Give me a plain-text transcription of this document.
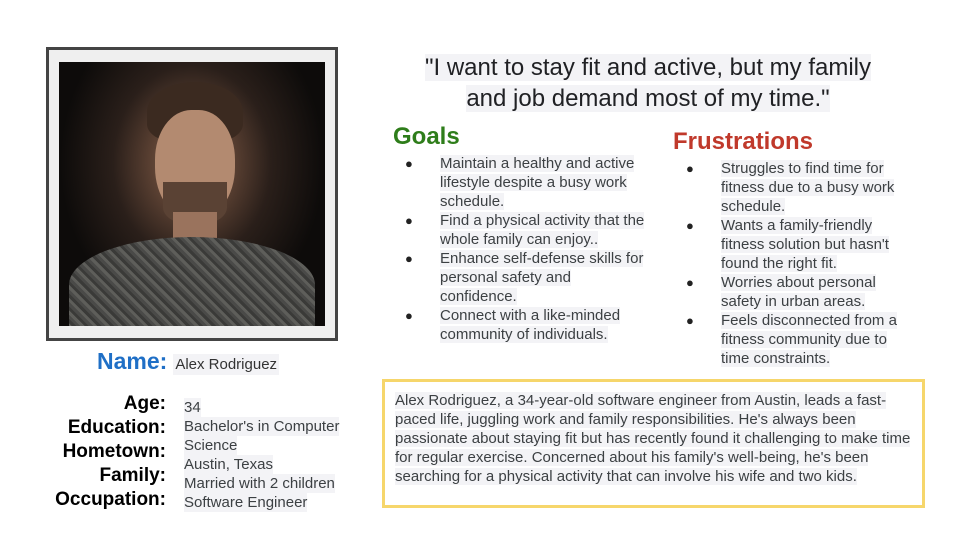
Name: Alex Rodriguez
Age:
Education:
Hometown:
Family:
Occupation:
34
Bachelor's in Computer
Science
Austin, Texas
Married with 2 children
Software Engineer
"I want to stay fit and active, but my family
and job demand most of my time."
Goals
● Maintain a healthy and active lifestyle despite a busy work schedule.
● Find a physical activity that the whole family can enjoy..
● Enhance self-defense skills for personal safety and confidence.
● Connect with a like-minded community of individuals.
Frustrations
● Struggles to find time for fitness due to a busy work schedule.
● Wants a family-friendly fitness solution but hasn't found the right fit.
● Worries about personal safety in urban areas.
● Feels disconnected from a fitness community due to time constraints.
Alex Rodriguez, a 34-year-old software engineer from Austin, leads a fast-paced life, juggling work and family responsibilities. He's always been passionate about staying fit but has recently found it challenging to make time for regular exercise. Concerned about his family's well-being, he's been searching for a physical activity that can involve his wife and two kids.
